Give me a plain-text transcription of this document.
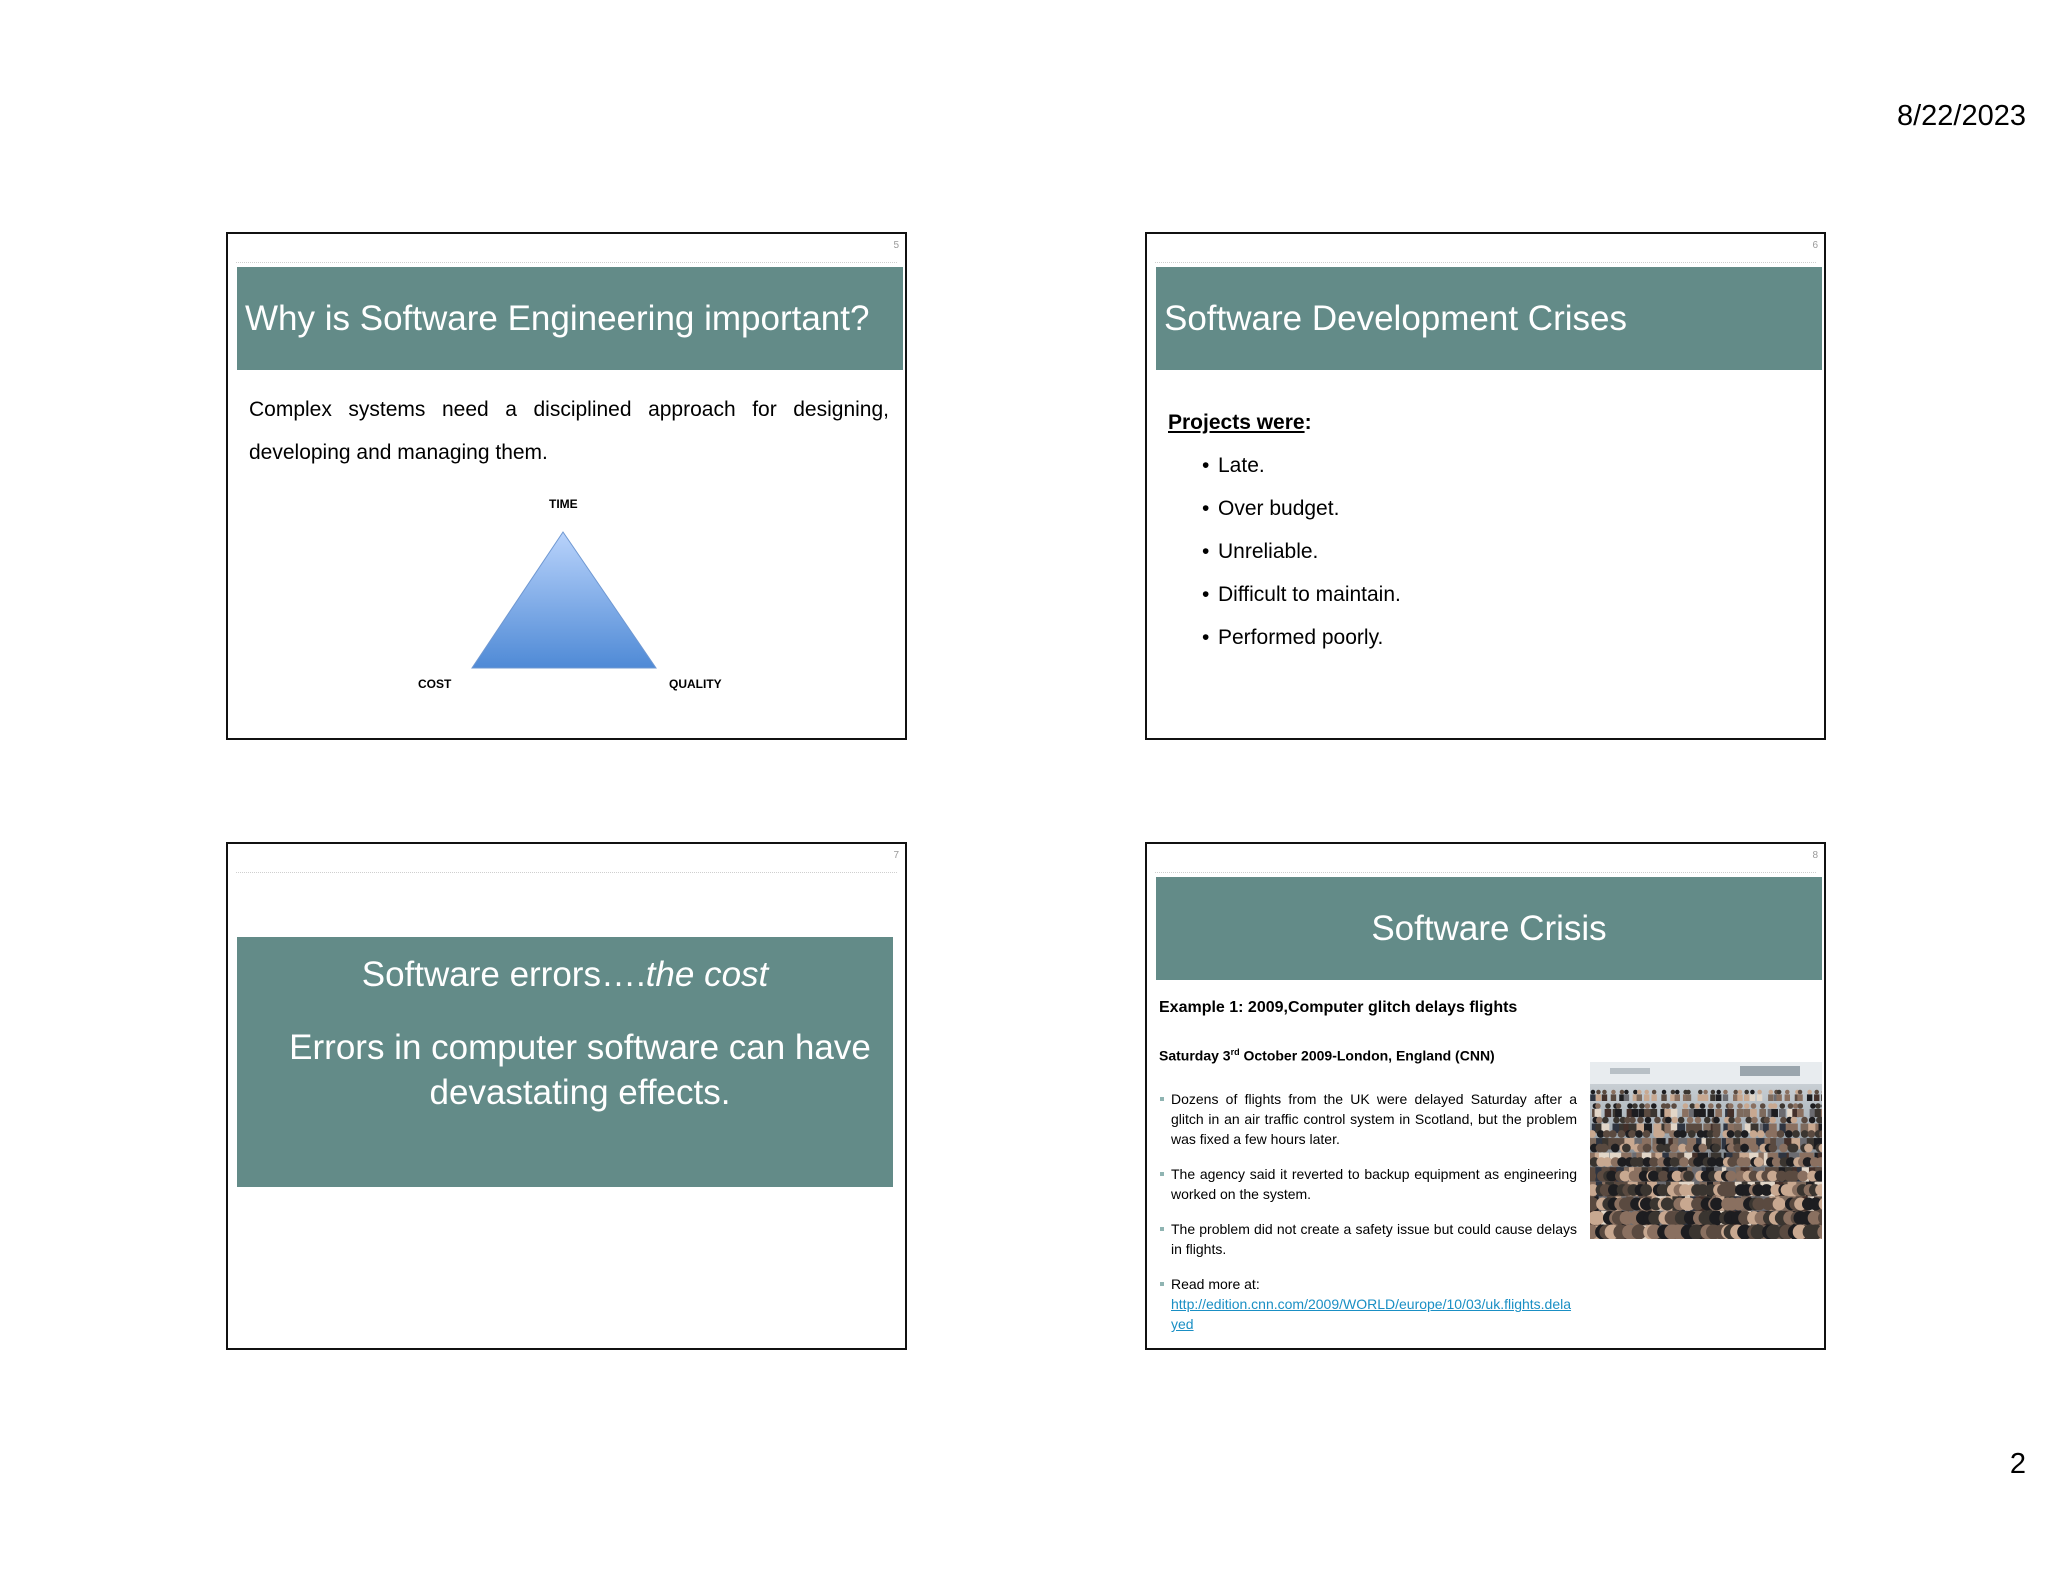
8/22/2023
5
Why is Software Engineering important?
Complex systems need a disciplined approach for designing, developing and managing them.
TIME
COST	QUALITY
6
Software Development Crises
Projects were:
• Late.
• Over budget.
• Unreliable.
• Difficult to maintain.
• Performed poorly.
7
Software errors….the cost
Errors in computer software can have devastating effects.
8
Software Crisis
Example 1: 2009,Computer glitch delays flights
Saturday 3rd October 2009-London, England (CNN)
Dozens of flights from the UK were delayed Saturday after a glitch in an air traffic control system in Scotland, but the problem was fixed a few hours later.
The agency said it reverted to backup equipment as engineering worked on the system.
The problem did not create a safety issue but could cause delays in flights.
Read more at:
http://edition.cnn.com/2009/WORLD/europe/10/03/uk.flights.delayed
2
